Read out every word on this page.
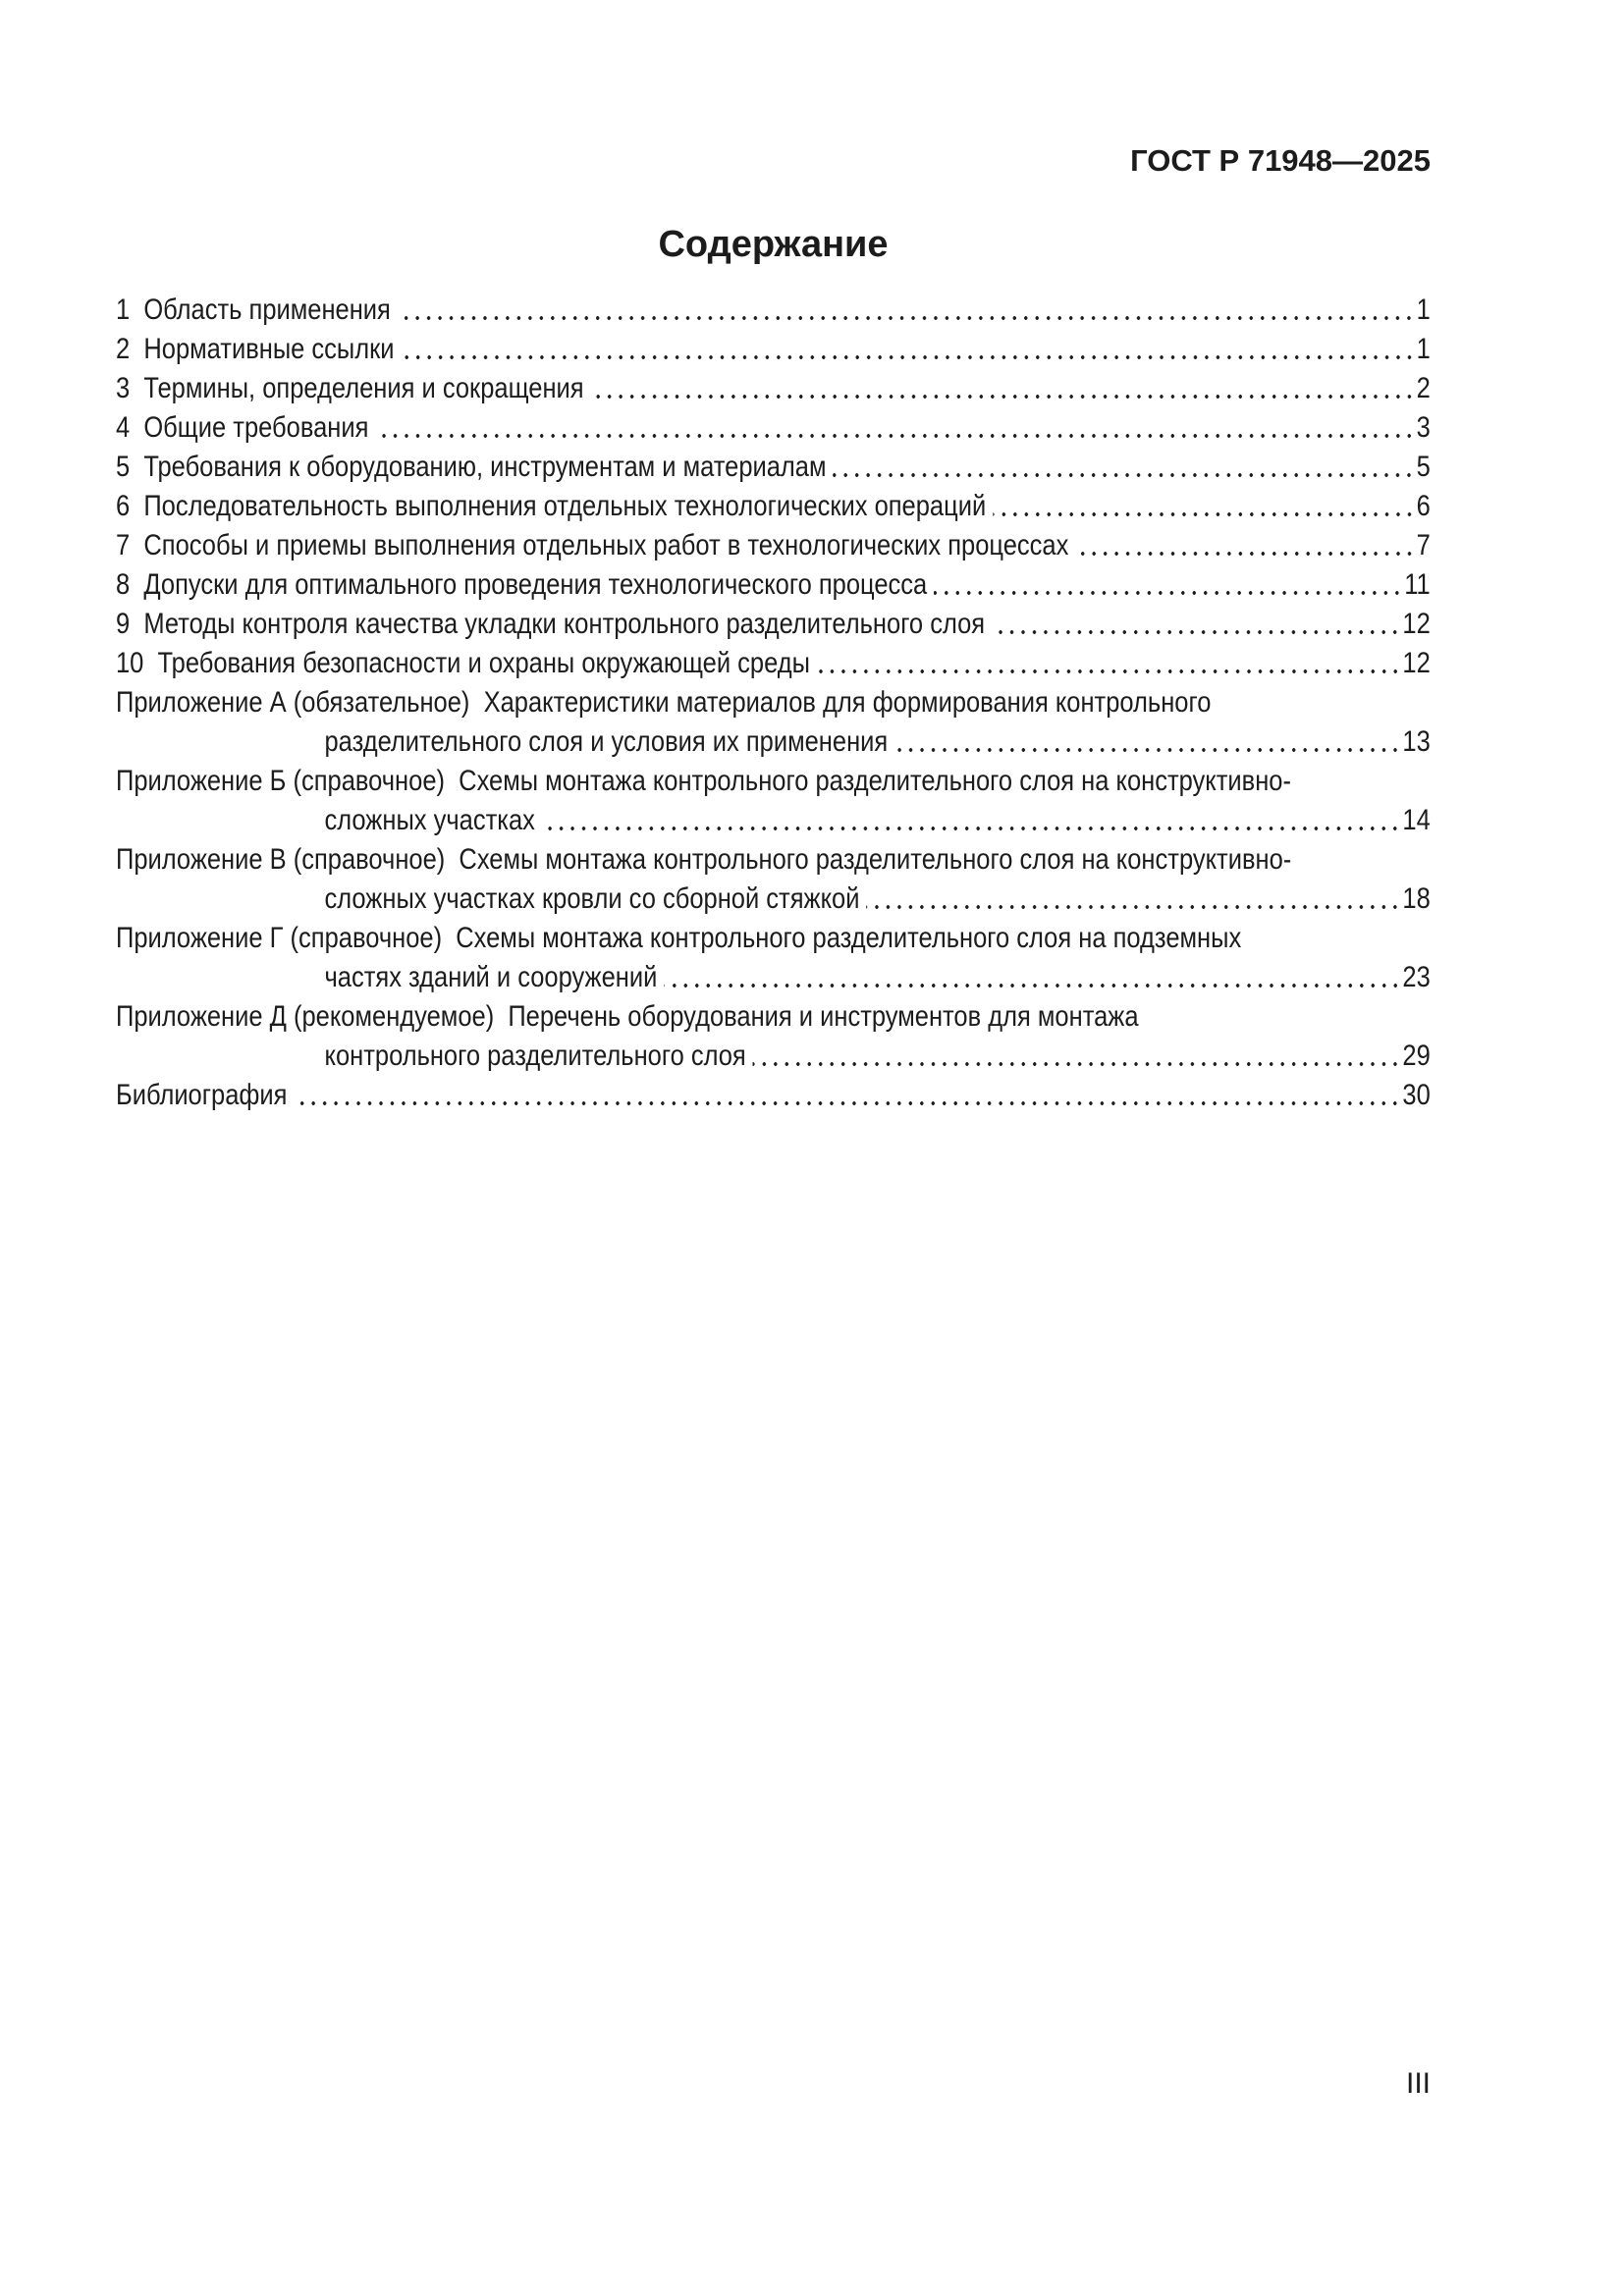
ГОСТ Р 71948—2025
Содержание
1  Область применения	1
2  Нормативные ссылки	1
3  Термины, определения и сокращения	2
4  Общие требования	3
5  Требования к оборудованию, инструментам и материалам	5
6  Последовательность выполнения отдельных технологических операций	6
7  Способы и приемы выполнения отдельных работ в технологических процессах	7
8  Допуски для оптимального проведения технологического процесса	11
9  Методы контроля качества укладки контрольного разделительного слоя	12
10  Требования безопасности и охраны окружающей среды	12
Приложение А (обязательное)  Характеристики материалов для формирования контрольного
разделительного слоя и условия их применения	13
Приложение Б (справочное)  Схемы монтажа контрольного разделительного слоя на конструктивно-
сложных участках	14
Приложение В (справочное)  Схемы монтажа контрольного разделительного слоя на конструктивно-
сложных участках кровли со сборной стяжкой	18
Приложение Г (справочное)  Схемы монтажа контрольного разделительного слоя на подземных
частях зданий и сооружений	23
Приложение Д (рекомендуемое)  Перечень оборудования и инструментов для монтажа
контрольного разделительного слоя	29
Библиография	30
III
